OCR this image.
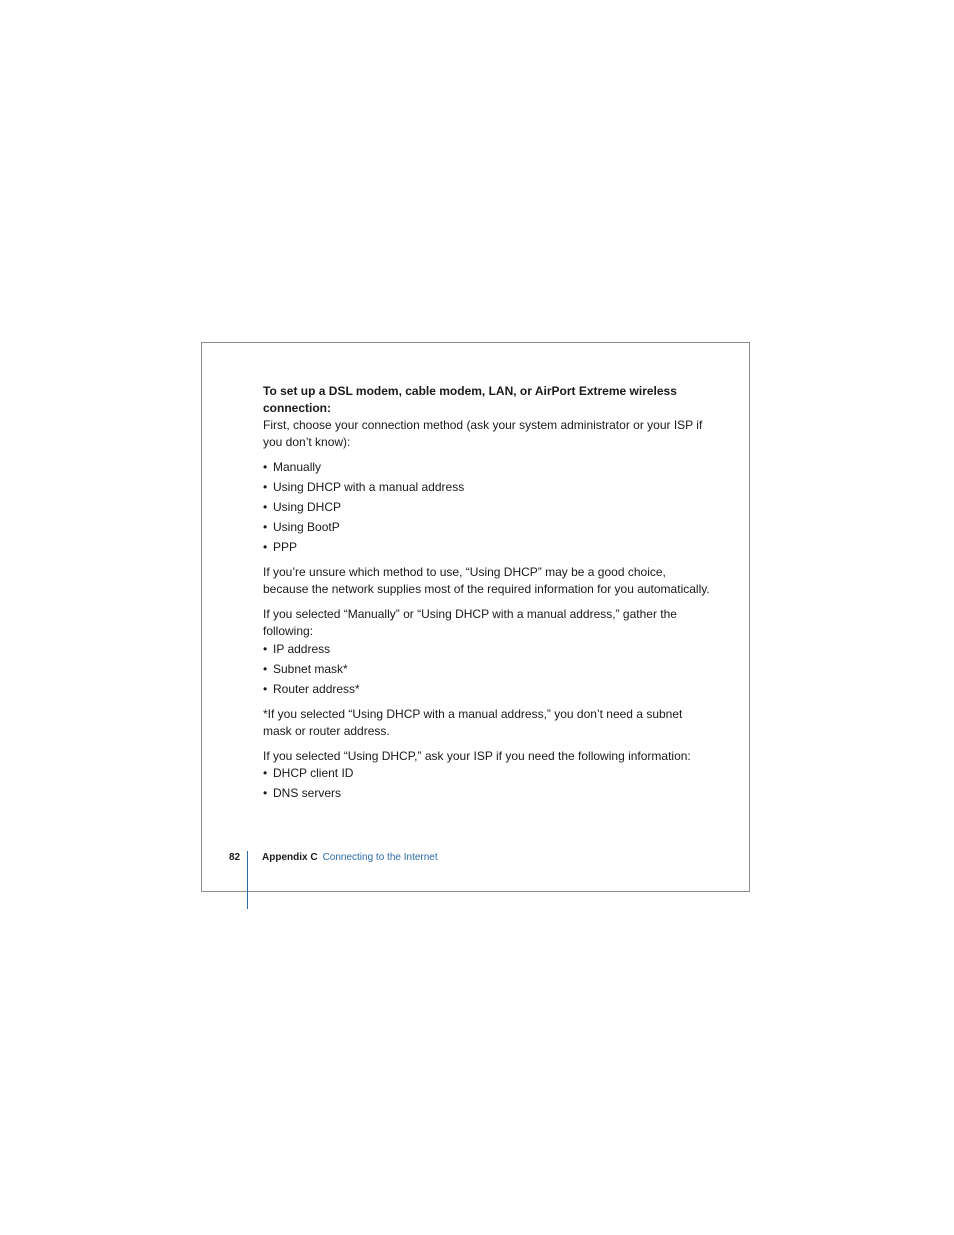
To set up a DSL modem, cable modem, LAN, or AirPort Extreme wireless connection:

First, choose your connection method (ask your system administrator or your ISP if you don’t know):

• Manually
• Using DHCP with a manual address
• Using DHCP
• Using BootP
• PPP

If you’re unsure which method to use, “Using DHCP” may be a good choice, because the network supplies most of the required information for you automatically.

If you selected “Manually” or “Using DHCP with a manual address,” gather the following:

• IP address
• Subnet mask*
• Router address*

*If you selected “Using DHCP with a manual address,” you don’t need a subnet mask or router address.

If you selected “Using DHCP,” ask your ISP if you need the following information:

• DHCP client ID
• DNS servers
82 Appendix C Connecting to the Internet
